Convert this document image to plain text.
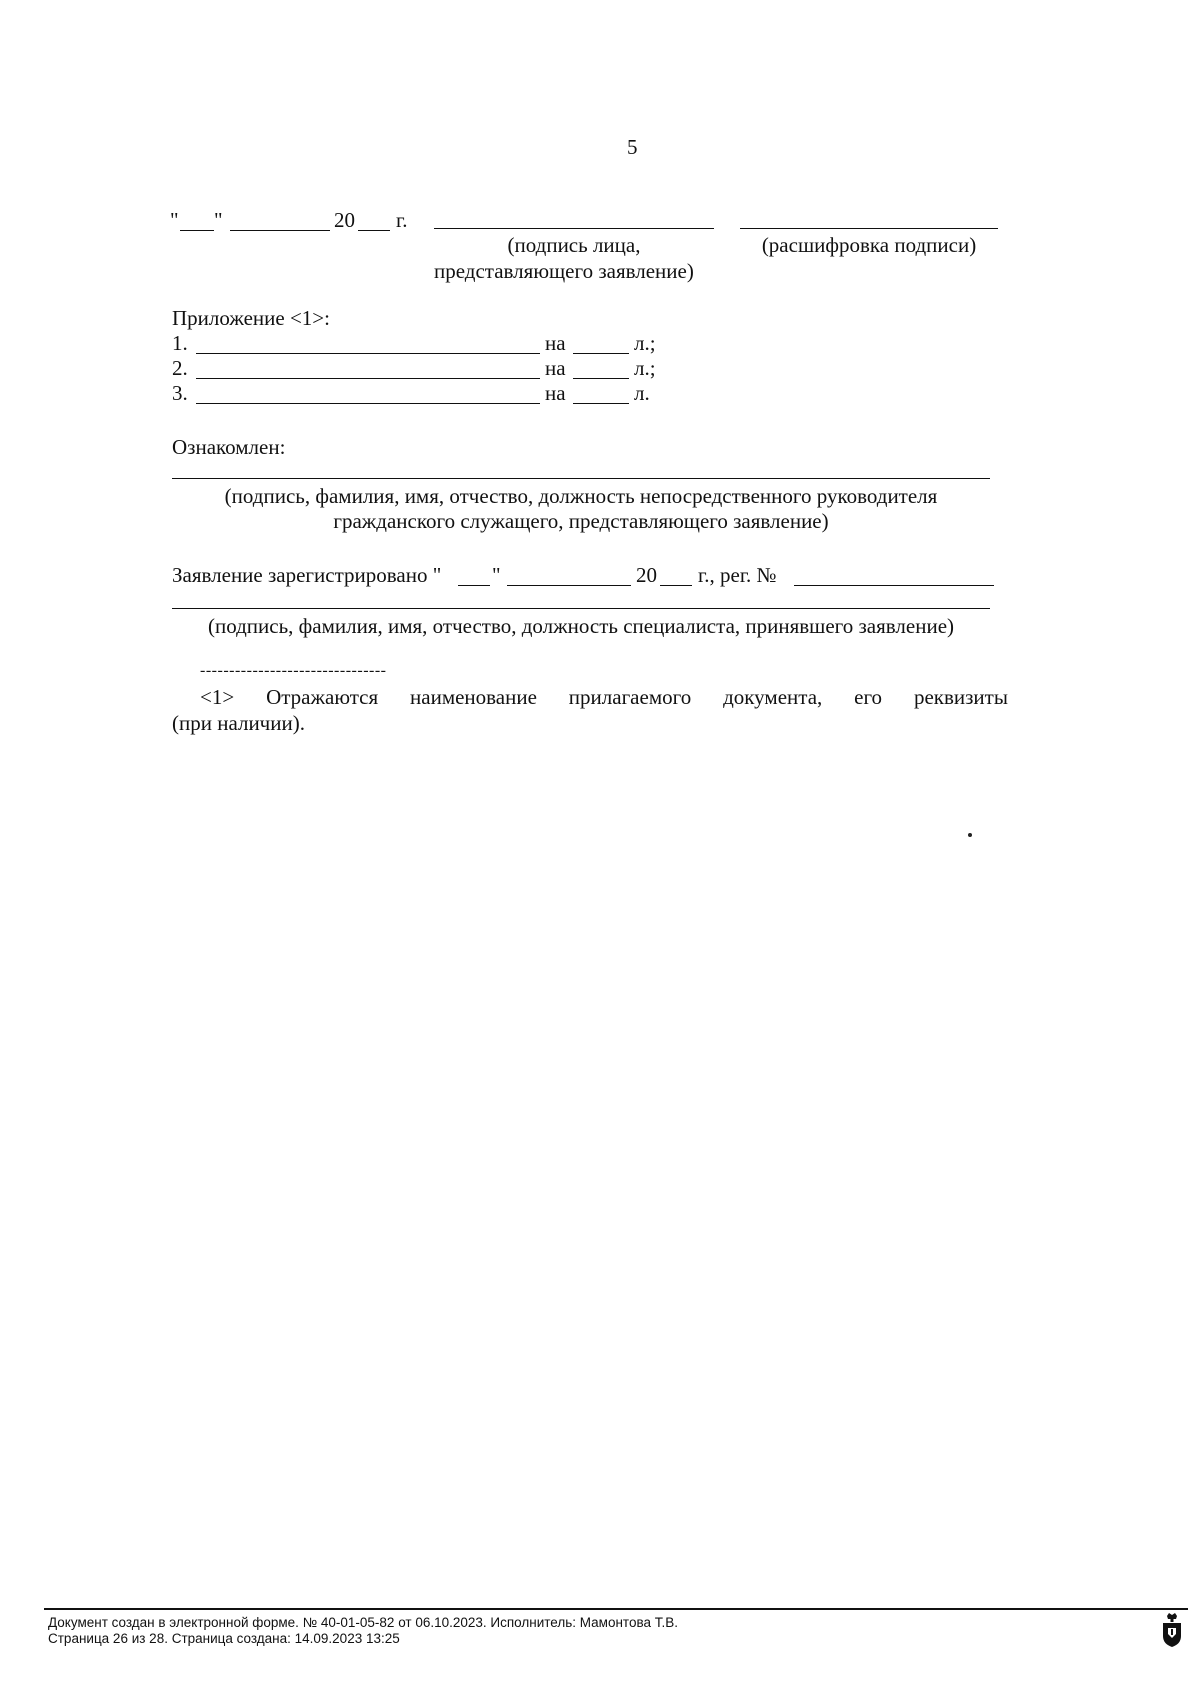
5
" "	20 г.
(подпись лица,	(расшифровка подписи)
представляющего заявление)
Приложение <1>:
1.	на	л.;
2.	на	л.;
3.	на	л.
Ознакомлен:
(подпись, фамилия, имя, отчество, должность непосредственного руководителя
гражданского служащего, представляющего заявление)
Заявление зарегистрировано " "	20 г., рег. №
(подпись, фамилия, имя, отчество, должность специалиста, принявшего заявление)
--------------------------------
<1> Отражаются наименование прилагаемого документа, его реквизиты
(при наличии).
Документ создан в электронной форме. № 40-01-05-82 от 06.10.2023. Исполнитель: Мамонтова Т.В.
Страница 26 из 28. Страница создана: 14.09.2023 13:25
